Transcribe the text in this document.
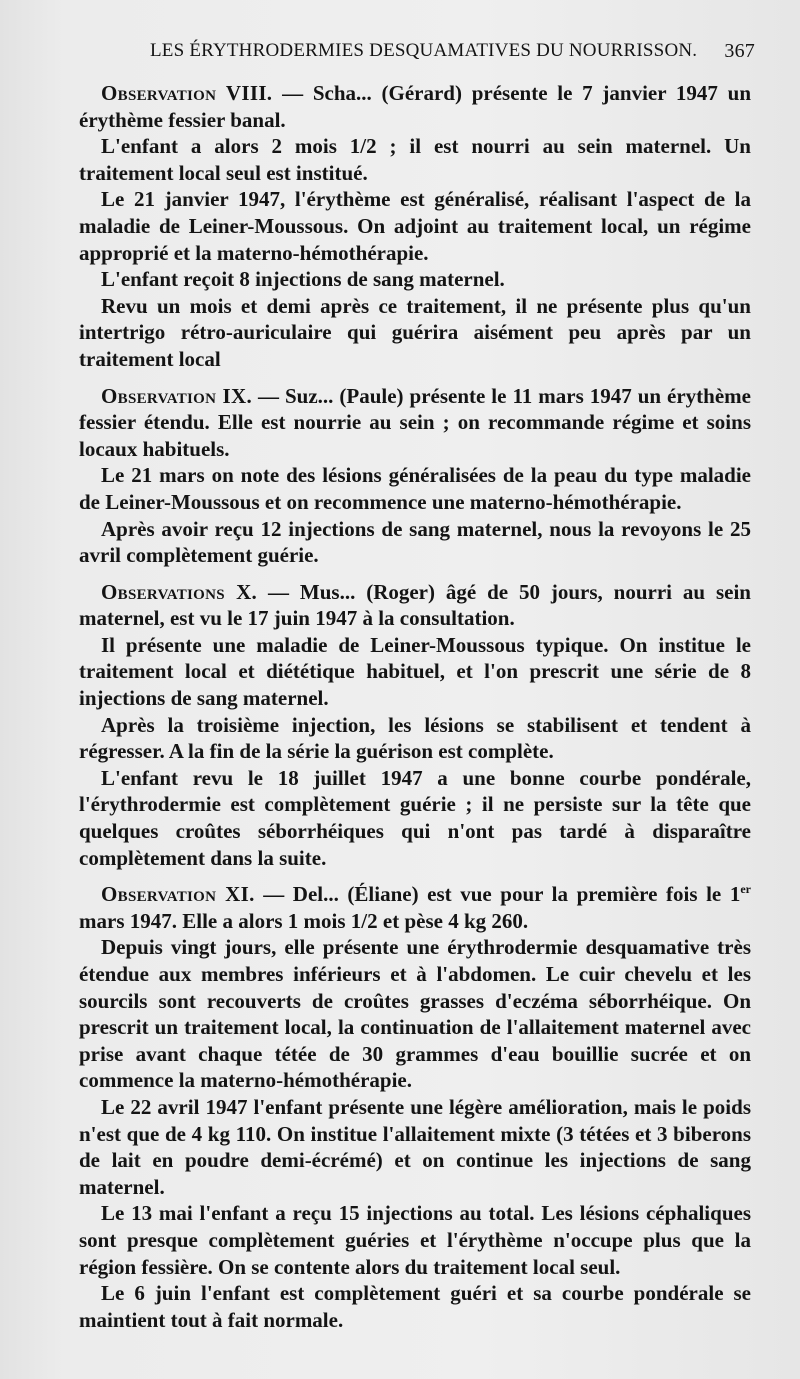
LES ÉRYTHRODERMIES DESQUAMATIVES DU NOURRISSON. 367

Observation VIII. — Scha... (Gérard) présente le 7 janvier 1947 un érythème fessier banal.

L'enfant a alors 2 mois 1/2 ; il est nourri au sein maternel. Un traitement local seul est institué.

Le 21 janvier 1947, l'érythème est généralisé, réalisant l'aspect de la maladie de Leiner-Moussous. On adjoint au traitement local, un régime approprié et la materno-hémothérapie.

L'enfant reçoit 8 injections de sang maternel.

Revu un mois et demi après ce traitement, il ne présente plus qu'un intertrigo rétro-auriculaire qui guérira aisément peu après par un traitement local

Observation IX. — Suz... (Paule) présente le 11 mars 1947 un érythème fessier étendu. Elle est nourrie au sein ; on recommande régime et soins locaux habituels.

Le 21 mars on note des lésions généralisées de la peau du type maladie de Leiner-Moussous et on recommence une materno-hémothérapie.

Après avoir reçu 12 injections de sang maternel, nous la revoyons le 25 avril complètement guérie.

Observations X. — Mus... (Roger) âgé de 50 jours, nourri au sein maternel, est vu le 17 juin 1947 à la consultation.

Il présente une maladie de Leiner-Moussous typique. On institue le traitement local et diététique habituel, et l'on prescrit une série de 8 injections de sang maternel.

Après la troisième injection, les lésions se stabilisent et tendent à régresser. A la fin de la série la guérison est complète.

L'enfant revu le 18 juillet 1947 a une bonne courbe pondérale, l'érythrodermie est complètement guérie ; il ne persiste sur la tête que quelques croûtes séborrhéiques qui n'ont pas tardé à disparaître complètement dans la suite.

Observation XI. — Del... (Éliane) est vue pour la première fois le 1er mars 1947. Elle a alors 1 mois 1/2 et pèse 4 kg 260.

Depuis vingt jours, elle présente une érythrodermie desquamative très étendue aux membres inférieurs et à l'abdomen. Le cuir chevelu et les sourcils sont recouverts de croûtes grasses d'eczéma séborrhéique. On prescrit un traitement local, la continuation de l'allaitement maternel avec prise avant chaque tétée de 30 grammes d'eau bouillie sucrée et on commence la materno-hémothérapie.

Le 22 avril 1947 l'enfant présente une légère amélioration, mais le poids n'est que de 4 kg 110. On institue l'allaitement mixte (3 tétées et 3 biberons de lait en poudre demi-écrémé) et on continue les injections de sang maternel.

Le 13 mai l'enfant a reçu 15 injections au total. Les lésions céphaliques sont presque complètement guéries et l'érythème n'occupe plus que la région fessière. On se contente alors du traitement local seul.

Le 6 juin l'enfant est complètement guéri et sa courbe pondérale se maintient tout à fait normale.
